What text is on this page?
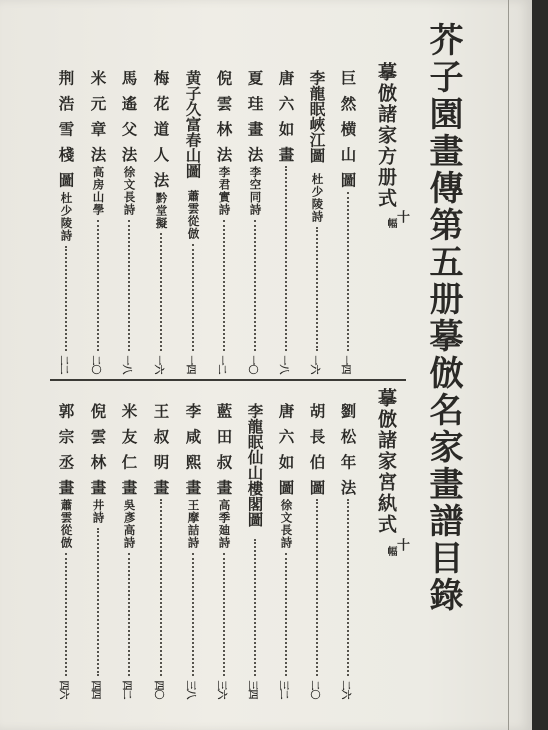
芥子園畫傳第五册摹倣名家畫譜目錄
摹倣諸家方册式
十
幅
摹倣諸家宮紈式
十
幅
巨然横山圖
一四
李龍眠峽江圖
杜少陵詩
一六
唐六如畫
一八
夏珪畫法
李空同詩
一〇
倪雲林法
李君實詩
一二
黄子久富春山圖
蕭雲從倣
一四
梅花道人法
黔堂擬
一六
馬遙父法
徐文長詩
一八
米元章法
高房山學
二〇
荆浩雪棧圖
杜少陵詩
二二
劉松年法
二六
胡長伯圖
二〇
唐六如圖
徐文長詩
三二
李龍眠仙山樓閣圖
三四
藍田叔畫
高季廸詩
三六
李咸熙畫
王摩詰詩
三八
王叔明畫
四〇
米友仁畫
吳彥高詩
四二
倪雲林畫
井詩
四四
郭宗丞畫
蕭雲從倣
四六
